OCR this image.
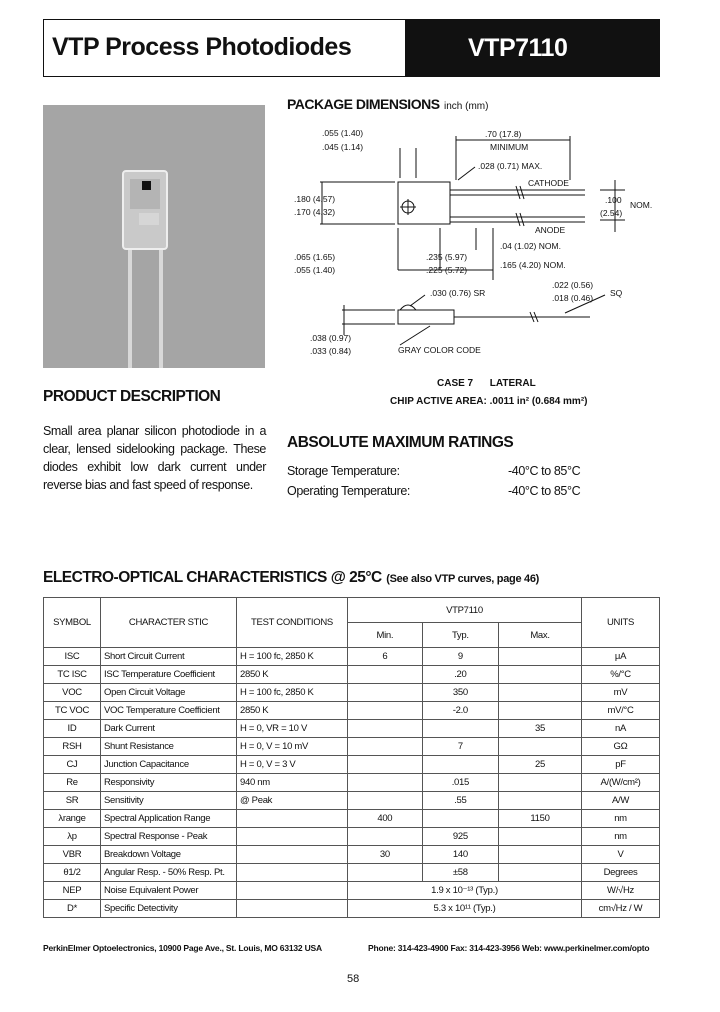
VTP Process Photodiodes	VTP7110
PACKAGE DIMENSIONS inch (mm)
.055 (1.40)
.045 (1.14)
.70 (17.8)
MINIMUM
.028 (0.71) MAX.
CATHODE
.100 NOM.
(2.54)
ANODE
.180 (4.57)
.170 (4.32)
.065 (1.65)
.055 (1.40)
.235 (5.97)
.225 (5.72)
.04 (1.02) NOM.
.165 (4.20) NOM.
.030 (0.76) SR
.022 (0.56)
.018 (0.46) SQ
.038 (0.97)
.033 (0.84)	GRAY COLOR CODE
CASE 7      LATERAL
CHIP ACTIVE AREA: .0011 in² (0.684 mm²)
PRODUCT DESCRIPTION
Small area planar silicon photodiode in a clear, lensed sidelooking package. These diodes exhibit low dark current under reverse bias and fast speed of response.
ABSOLUTE MAXIMUM RATINGS
Storage Temperature:	-40°C to 85°C
Operating Temperature:	-40°C to 85°C
ELECTRO-OPTICAL CHARACTERISTICS @ 25°C (See also VTP curves, page 46)
SYMBOL	CHARACTER STIC	TEST CONDITIONS	VTP7110			UNITS
			Min.	Typ.	Max.	
ISC	Short Circuit Current	H = 100 fc, 2850 K	6	9		μA
TC ISC	ISC Temperature Coefficient	2850 K		.20		%/°C
VOC	Open Circuit Voltage	H = 100 fc, 2850 K		350		mV
TC VOC	VOC Temperature Coefficient	2850 K		-2.0		mV/°C
ID	Dark Current	H = 0, VR = 10 V			35	nA
RSH	Shunt Resistance	H = 0, V = 10 mV		7		GΩ
CJ	Junction Capacitance	H = 0, V = 3 V			25	pF
Re	Responsivity	940 nm		.015		A/(W/cm²)
SR	Sensitivity	@ Peak		.55		A/W
λrange	Spectral Application Range		400		1150	nm
λp	Spectral Response - Peak			925		nm
VBR	Breakdown Voltage		30	140		V
θ1/2	Angular Resp. - 50% Resp. Pt.			±58		Degrees
NEP	Noise Equivalent Power		1.9 x 10⁻¹³ (Typ.)			W/√Hz
D*	Specific Detectivity		5.3 x 10¹¹ (Typ.)			cm√Hz / W
PerkinElmer Optoelectronics, 10900 Page Ave., St. Louis, MO 63132 USA	Phone: 314-423-4900 Fax: 314-423-3956 Web: www.perkinelmer.com/opto
58
